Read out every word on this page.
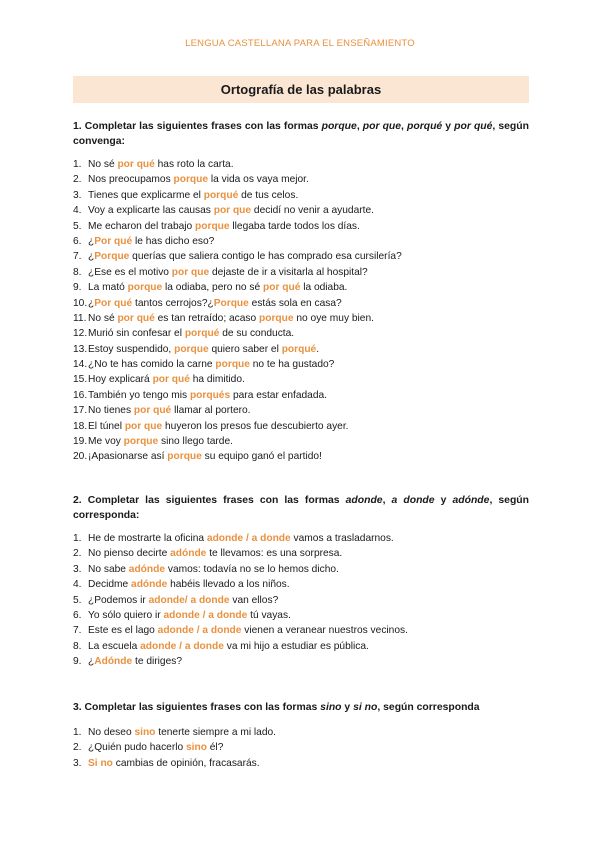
LENGUA CASTELLANA PARA EL ENSEÑAMIENTO
Ortografía de las palabras

1. Completar las siguientes frases con las formas porque, por que, porqué y por qué, según convenga:

1. No sé por qué has roto la carta.
2. Nos preocupamos porque la vida os vaya mejor.
3. Tienes que explicarme el porqué de tus celos.
4. Voy a explicarte las causas por que decidí no venir a ayudarte.
5. Me echaron del trabajo porque llegaba tarde todos los días.
6. ¿Por qué le has dicho eso?
7. ¿Porque querías que saliera contigo le has comprado esa cursilería?
8. ¿Ese es el motivo por que dejaste de ir a visitarla al hospital?
9. La mató porque la odiaba, pero no sé por qué la odiaba.
10.¿Por qué tantos cerrojos?¿Porque estás sola en casa?
11. No sé por qué es tan retraído; acaso porque no oye muy bien.
12.Murió sin confesar el porqué de su conducta.
13.Estoy suspendido, porque quiero saber el porqué.
14.¿No te has comido la carne porque no te ha gustado?
15.Hoy explicará por qué ha dimitido.
16.También yo tengo mis porqués para estar enfadada.
17.No tienes por qué llamar al portero.
18.El túnel por que huyeron los presos fue descubierto ayer.
19.Me voy porque sino llego tarde.
20.¡Apasionarse así porque su equipo ganó el partido!

2. Completar las siguientes frases con las formas adonde, a donde y adónde, según corresponda:

1. He de mostrarte la oficina adonde / a donde vamos a trasladarnos.
2. No pienso decirte adónde te llevamos: es una sorpresa.
3. No sabe adónde vamos: todavía no se lo hemos dicho.
4. Decidme adónde habéis llevado a los niños.
5. ¿Podemos ir adonde/ a donde van ellos?
6. Yo sólo quiero ir adonde / a donde tú vayas.
7. Este es el lago adonde / a donde vienen a veranear nuestros vecinos.
8. La escuela adonde / a donde va mi hijo a estudiar es pública.
9. ¿Adónde te diriges?

3. Completar las siguientes frases con las formas sino y si no, según corresponda

1. No deseo sino tenerte siempre a mi lado.
2. ¿Quién pudo hacerlo sino él?
3. Si no cambias de opinión, fracasarás.
